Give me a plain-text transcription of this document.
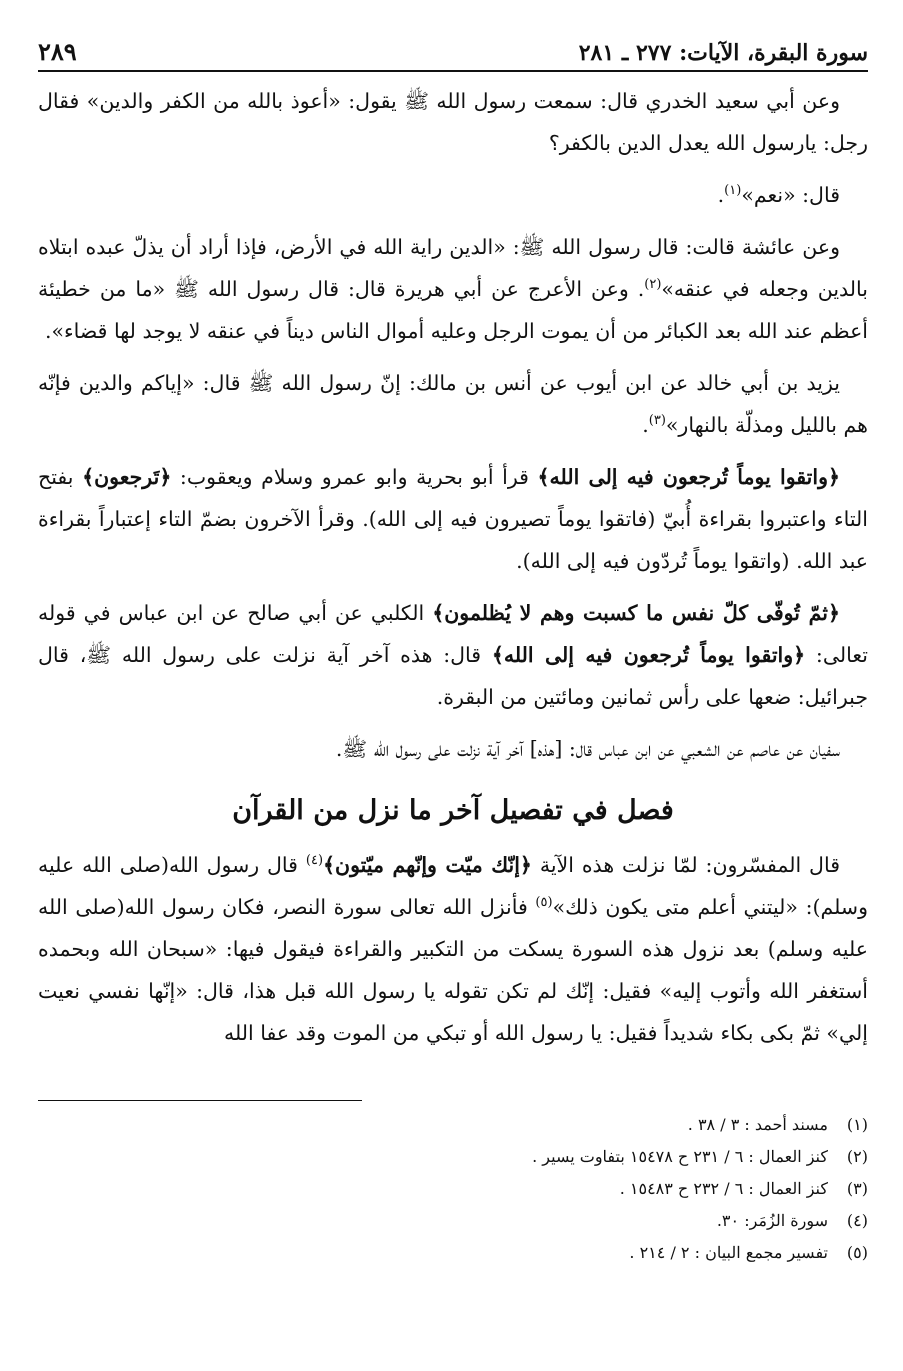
سورة البقرة، الآيات: ٢٧٧ ـ ٢٨١
٢٨٩

وعن أبي سعيد الخدري قال: سمعت رسول الله ﷺ يقول: «أعوذ بالله من الكفر والدين» فقال رجل: يارسول الله يعدل الدين بالكفر؟

قال: «نعم»$^{(١)}$.

وعن عائشة قالت: قال رسول الله ﷺ: «الدين راية الله في الأرض، فإذا أراد أن يذلّ عبده ابتلاه بالدين وجعله في عنقه»$^{(٢)}$. وعن الأعرج عن أبي هريرة قال: قال رسول الله ﷺ «ما من خطيئة أعظم عند الله بعد الكبائر من أن يموت الرجل وعليه أموال الناس ديناً في عنقه لا يوجد لها قضاء».

يزيد بن أبي خالد عن ابن أيوب عن أنس بن مالك: إنّ رسول الله ﷺ قال: «إياكم والدين فإنّه هم بالليل ومذلّة بالنهار»$^{(٣)}$.

﴿واتقوا يوماً تُرجعون فيه إلى الله﴾ قرأ أبو بحرية وابو عمرو وسلام ويعقوب: ﴿تَرجعون﴾ بفتح التاء واعتبروا بقراءة أُبيّ (فاتقوا يوماً تصيرون فيه إلى الله). وقرأ الآخرون بضمّ التاء إعتباراً بقراءة عبد الله. (واتقوا يوماً تُردّون فيه إلى الله).

﴿ثمّ تُوفّى كلّ نفس ما كسبت وهم لا يُظلمون﴾ الكلبي عن أبي صالح عن ابن عباس في قوله تعالى: ﴿واتقوا يوماً تُرجعون فيه إلى الله﴾ قال: هذه آخر آية نزلت على رسول الله ﷺ، قال جبرائيل: ضعها على رأس ثمانين ومائتين من البقرة.

سفيان عن عاصم عن الشعبي عن ابن عباس قال: [هذه] آخر آية نزلت على رسول الله ﷺ.

فصل في تفصيل آخر ما نزل من القرآن

قال المفسّرون: لمّا نزلت هذه الآية ﴿إنّك ميّت وإنّهم ميّتون﴾$^{(٤)}$ قال رسول الله(صلى الله عليه وسلم): «ليتني أعلم متى يكون ذلك»$^{(٥)}$ فأنزل الله تعالى سورة النصر، فكان رسول الله(صلى الله عليه وسلم) بعد نزول هذه السورة يسكت من التكبير والقراءة فيقول فيها: «سبحان الله وبحمده أستغفر الله وأتوب إليه» فقيل: إنّك لم تكن تقوله يا رسول الله قبل هذا، قال: «إنّها نفسي نعيت إلي» ثمّ بكى بكاء شديداً فقيل: يا رسول الله أو تبكي من الموت وقد عفا الله

(١)
مسند أحمد : ٣ / ٣٨ .
(٢)
كنز العمال : ٦ / ٢٣١ ح ١٥٤٧٨ بتفاوت يسير .
(٣)
كنز العمال : ٦ / ٢٣٢ ح ١٥٤٨٣ .
(٤)
سورة الزُمَر: ٣٠.
(٥)
تفسير مجمع البيان : ٢ / ٢١٤ .
